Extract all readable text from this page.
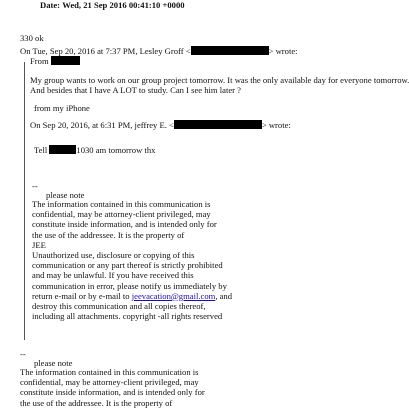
Date: Wed, 21 Sep 2016 00:41:10 +0000
330 ok
On Tue, Sep 20, 2016 at 7:37 PM, Lesley Groff <	> wrote:
From
My group wants to work on our group project tomorrow. It was the only available day for everyone tomorrow.
And besides that I have A LOT to study. Can I see him later ?
from my iPhone
On Sep 20, 2016, at 6:31 PM, jeffrey E. <	> wrote:
Tell	1030 am tomorrow thx
--
please note
The information contained in this communication is
confidential, may be attorney-client privileged, may
constitute inside information, and is intended only for
the use of the addressee. It is the property of
JEE
Unauthorized use, disclosure or copying of this
communication or any part thereof is strictly prohibited
and may be unlawful. If you have received this
communication in error, please notify us immediately by
return e-mail or by e-mail to jeevacation@gmail.com, and
destroy this communication and all copies thereof,
including all attachments. copyright -all rights reserved
--
please note
The information contained in this communication is
confidential, may be attorney-client privileged, may
constitute inside information, and is intended only for
the use of the addressee. It is the property of
